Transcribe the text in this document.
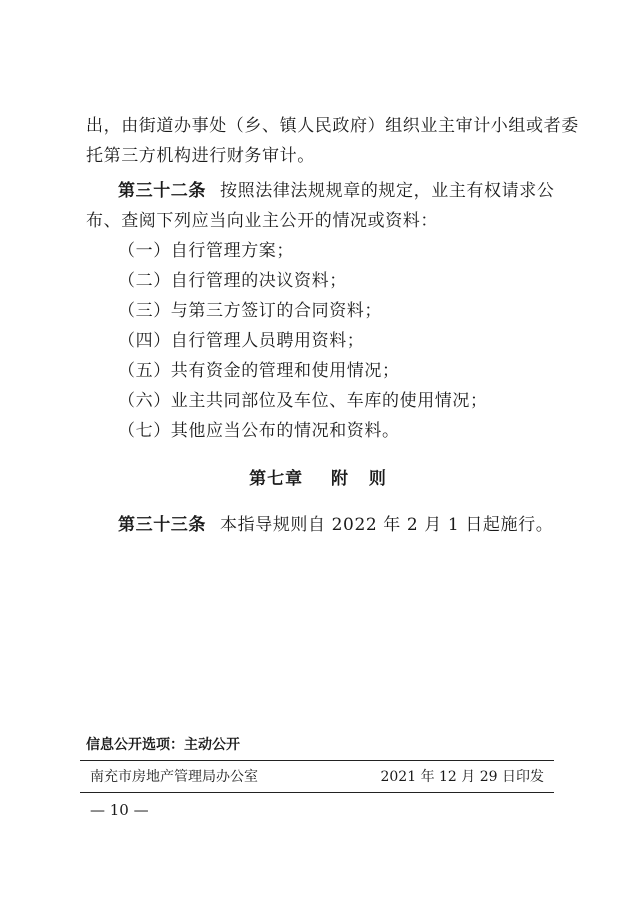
出，由街道办事处（乡、镇人民政府）组织业主审计小组或者委
托第三方机构进行财务审计。
第三十二条 按照法律法规规章的规定，业主有权请求公
布、查阅下列应当向业主公开的情况或资料：
（一）自行管理方案；
（二）自行管理的决议资料；
（三）与第三方签订的合同资料；
（四）自行管理人员聘用资料；
（五）共有资金的管理和使用情况；
（六）业主共同部位及车位、车库的使用情况；
（七）其他应当公布的情况和资料。
第七章 附 则
第三十三条 本指导规则自 2022 年 2 月 1 日起施行。
信息公开选项：主动公开
南充市房地产管理局办公室	2021 年 12 月 29 日印发
— 10 —
